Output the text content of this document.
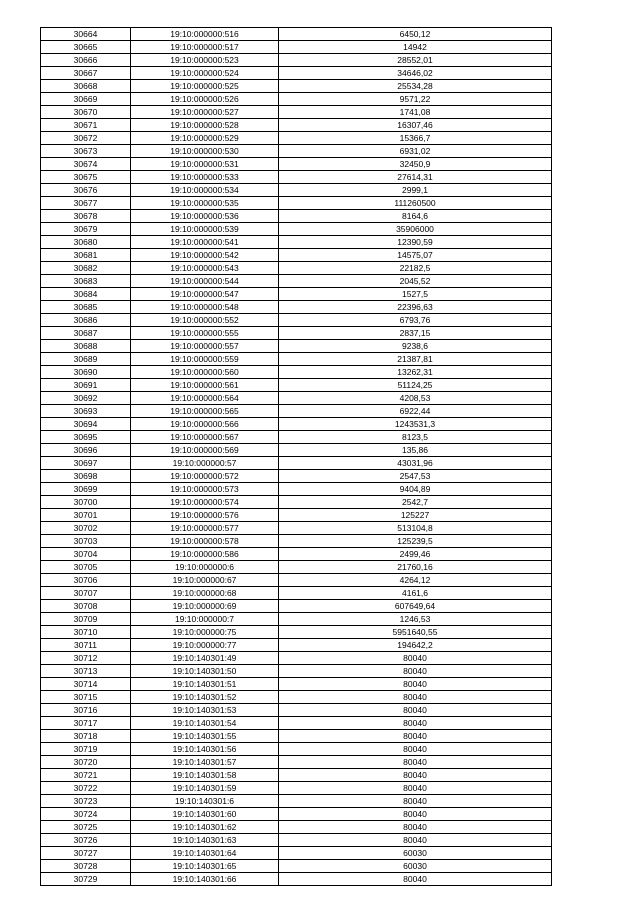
30664	19:10:000000:516	6450,12
30665	19:10:000000:517	14942
30666	19:10:000000:523	28552,01
30667	19:10:000000:524	34646,02
30668	19:10:000000:525	25534,28
30669	19:10:000000:526	9571,22
30670	19:10:000000:527	1741,08
30671	19:10:000000:528	16307,46
30672	19:10:000000:529	15366,7
30673	19:10:000000:530	6931,02
30674	19:10:000000:531	32450,9
30675	19:10:000000:533	27614,31
30676	19:10:000000:534	2999,1
30677	19:10:000000:535	111260500
30678	19:10:000000:536	8164,6
30679	19:10:000000:539	35906000
30680	19:10:000000:541	12390,59
30681	19:10:000000:542	14575,07
30682	19:10:000000:543	22182,5
30683	19:10:000000:544	2045,52
30684	19:10:000000:547	1527,5
30685	19:10:000000:548	22396,63
30686	19:10:000000:552	6793,76
30687	19:10:000000:555	2837,15
30688	19:10:000000:557	9238,6
30689	19:10:000000:559	21387,81
30690	19:10:000000:560	13262,31
30691	19:10:000000:561	51124,25
30692	19:10:000000:564	4208,53
30693	19:10:000000:565	6922,44
30694	19:10:000000:566	1243531,3
30695	19:10:000000:567	8123,5
30696	19:10:000000:569	135,86
30697	19:10:000000:57	43031,96
30698	19:10:000000:572	2547,53
30699	19:10:000000:573	9404,89
30700	19:10:000000:574	2542,7
30701	19:10:000000:576	125227
30702	19:10:000000:577	513104,8
30703	19:10:000000:578	125239,5
30704	19:10:000000:586	2499,46
30705	19:10:000000:6	21760,16
30706	19:10:000000:67	4264,12
30707	19:10:000000:68	4161,6
30708	19:10:000000:69	607649,64
30709	19:10:000000:7	1246,53
30710	19:10:000000:75	5951640,55
30711	19:10:000000:77	194642,2
30712	19:10:140301:49	80040
30713	19:10:140301:50	80040
30714	19:10:140301:51	80040
30715	19:10:140301:52	80040
30716	19:10:140301:53	80040
30717	19:10:140301:54	80040
30718	19:10:140301:55	80040
30719	19:10:140301:56	80040
30720	19:10:140301:57	80040
30721	19:10:140301:58	80040
30722	19:10:140301:59	80040
30723	19:10:140301:6	80040
30724	19:10:140301:60	80040
30725	19:10:140301:62	80040
30726	19:10:140301:63	80040
30727	19:10:140301:64	60030
30728	19:10:140301:65	60030
30729	19:10:140301:66	80040
